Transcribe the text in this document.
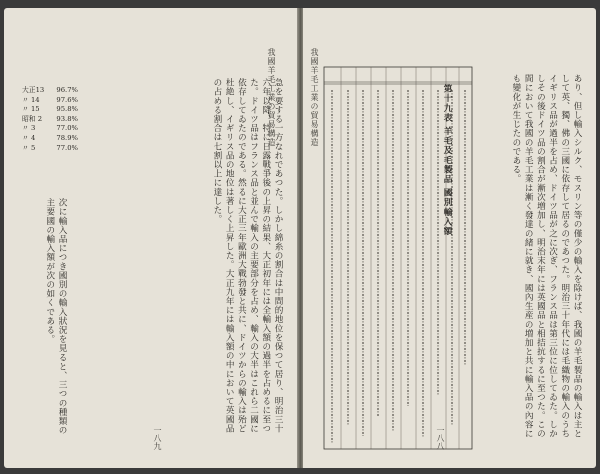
一八九
我國羊毛工業の貿易構造
急を要する一方なれであつた。しかし綿糸の割合は中間的地位を保つて居り、明治三十六年以降、特に日露戰爭後の上昇の結果、大正初年には全輸入額の過半を占めるに至つた。ドイツ品はフランス品と並んで輸入の主要部分を占め、輸入の大半はこれら二國に依存してゐたのである。然るに大正三年歐洲大戰勃發と共に、ドイツからの輸入は殆ど杜絶し、イギリス品の地位は著しく上昇した。大正九年には輸入額の中において英國品の占める割合は七割以上に達した。
大正13	96.7%
〃 14	97.6%
〃 15	95.8%
昭和 2	93.8%
〃 3	77.0%
〃 4	78.9%
〃 5	77.0%
次に輸入品につき國別の輸入狀況を見ると、三つの種類の主要國の輸入額が次の如くである。
我國羊毛工業の貿易構造
一八八
第十九表 羊毛及毛製品 國別輸入額	あり、但し輸入シルク、モスリン等の僅少の輸入を除けば、我國の羊毛製品の輸入は主として英、獨、佛の三國に依存して居るのであつた。明治三十年代には毛織物の輸入のうちイギリス品が過半を占め、ドイツ品が之に次ぎ、フランス品は第三位に位してゐた。しかしその後ドイツ品の割合が漸次増加し、明治末年には英國品と相拮抗するに至つた。この間において我國の羊毛工業は漸く發達の緒に就き、國內生産の増加と共に輸入品の內容にも變化が生じたのである。
